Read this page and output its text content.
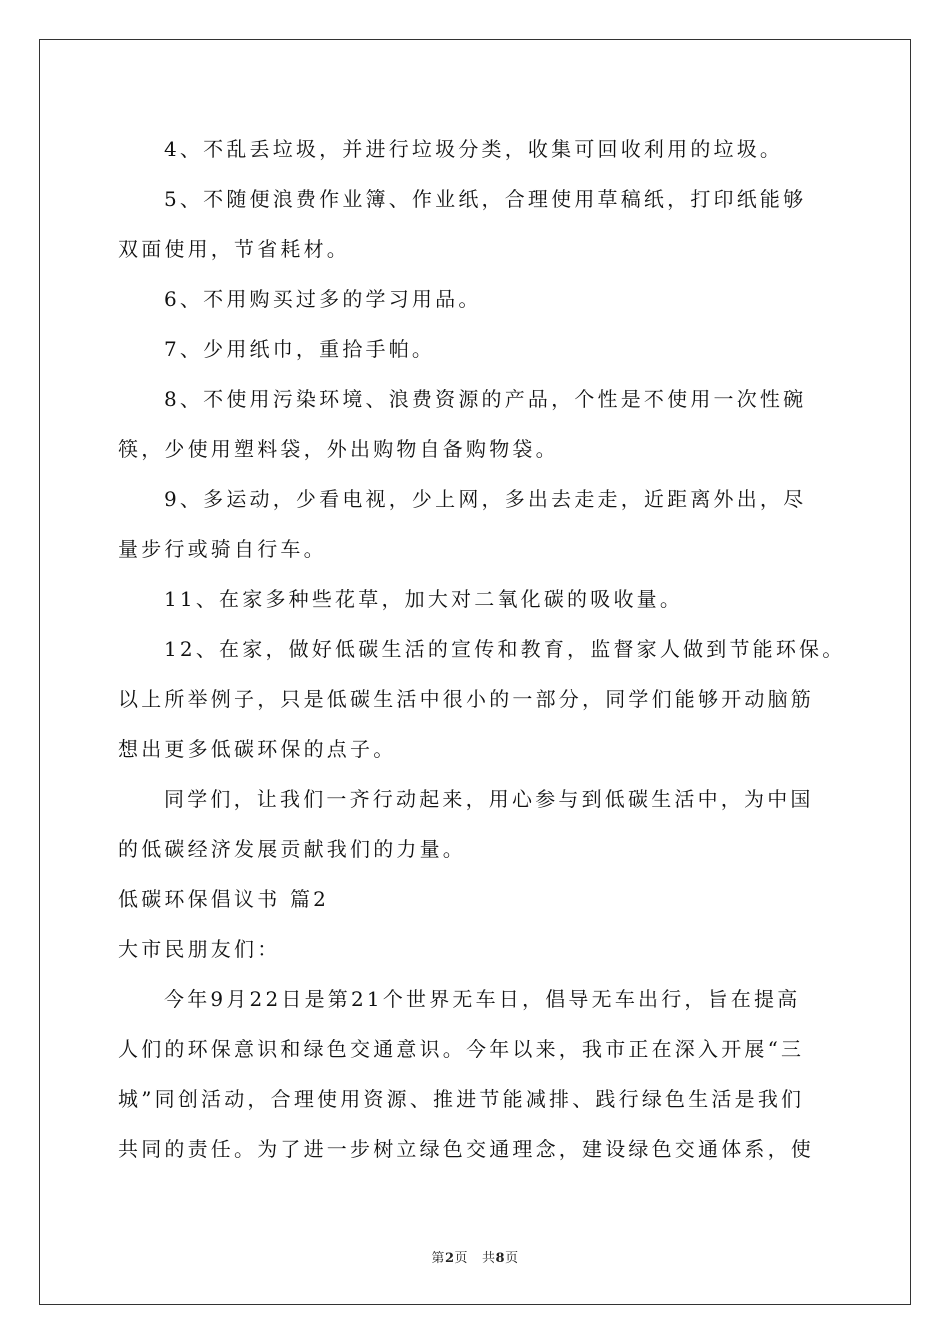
4、不乱丢垃圾，并进行垃圾分类，收集可回收利用的垃圾。
5、不随便浪费作业簿、作业纸，合理使用草稿纸，打印纸能够
双面使用，节省耗材。
6、不用购买过多的学习用品。
7、少用纸巾，重拾手帕。
8、不使用污染环境、浪费资源的产品，个性是不使用一次性碗
筷，少使用塑料袋，外出购物自备购物袋。
9、多运动，少看电视，少上网，多出去走走，近距离外出，尽
量步行或骑自行车。
11、在家多种些花草，加大对二氧化碳的吸收量。
12、在家，做好低碳生活的宣传和教育，监督家人做到节能环保。
以上所举例子，只是低碳生活中很小的一部分，同学们能够开动脑筋
想出更多低碳环保的点子。
同学们，让我们一齐行动起来，用心参与到低碳生活中，为中国
的低碳经济发展贡献我们的力量。
低碳环保倡议书 篇2
大市民朋友们：
今年9月22日是第21个世界无车日，倡导无车出行，旨在提高
人们的环保意识和绿色交通意识。今年以来，我市正在深入开展“三
城”同创活动，合理使用资源、推进节能减排、践行绿色生活是我们
共同的责任。为了进一步树立绿色交通理念，建设绿色交通体系，使
第2页 共8页
